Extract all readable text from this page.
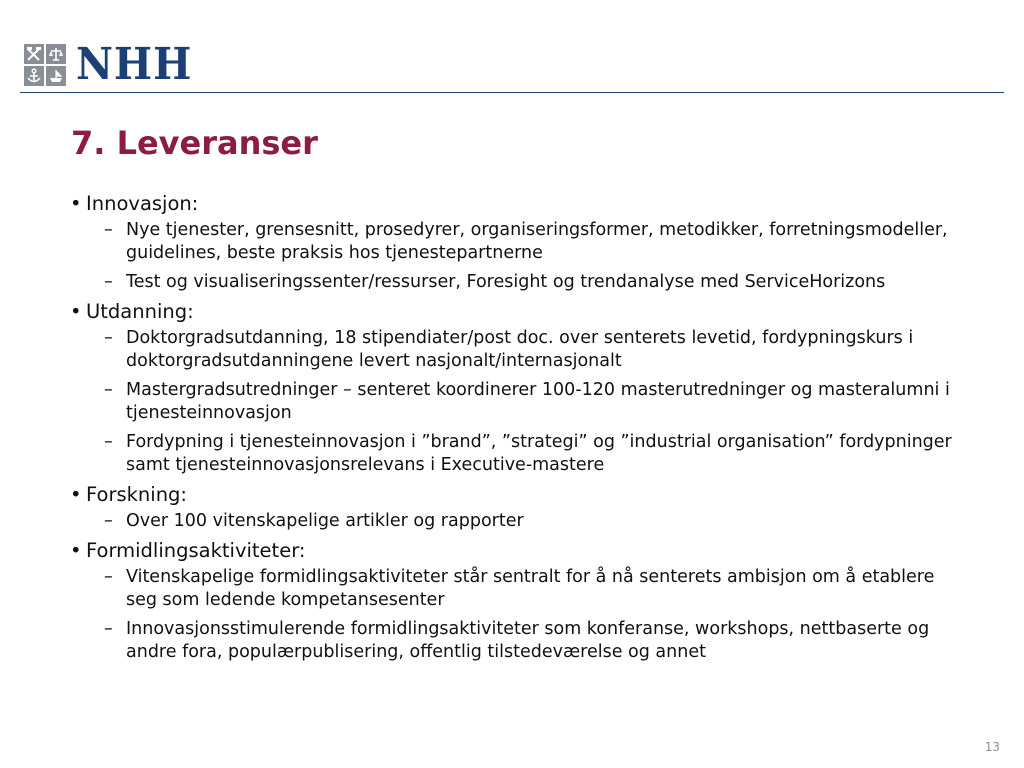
NHH
7. Leveranser
• Innovasjon:
– Nye tjenester, grensesnitt, prosedyrer, organiseringsformer, metodikker, forretningsmodeller, guidelines, beste praksis hos tjenestepartnerne
– Test og visualiseringssenter/ressurser, Foresight og trendanalyse med ServiceHorizons
• Utdanning:
– Doktorgradsutdanning, 18 stipendiater/post doc. over senterets levetid, fordypningskurs i doktorgradsutdanningene levert nasjonalt/internasjonalt
– Mastergradsutredninger – senteret koordinerer 100-120 masterutredninger og masteralumni i tjenesteinnovasjon
– Fordypning i tjenesteinnovasjon i ”brand”, ”strategi” og ”industrial organisation” fordypninger samt tjenesteinnovasjonsrelevans i Executive-mastere
• Forskning:
– Over 100 vitenskapelige artikler og rapporter
• Formidlingsaktiviteter:
– Vitenskapelige formidlingsaktiviteter står sentralt for å nå senterets ambisjon om å etablere seg som ledende kompetansesenter
– Innovasjonsstimulerende formidlingsaktiviteter som konferanse, workshops, nettbaserte og andre fora, populærpublisering, offentlig tilstedeværelse og annet
13
